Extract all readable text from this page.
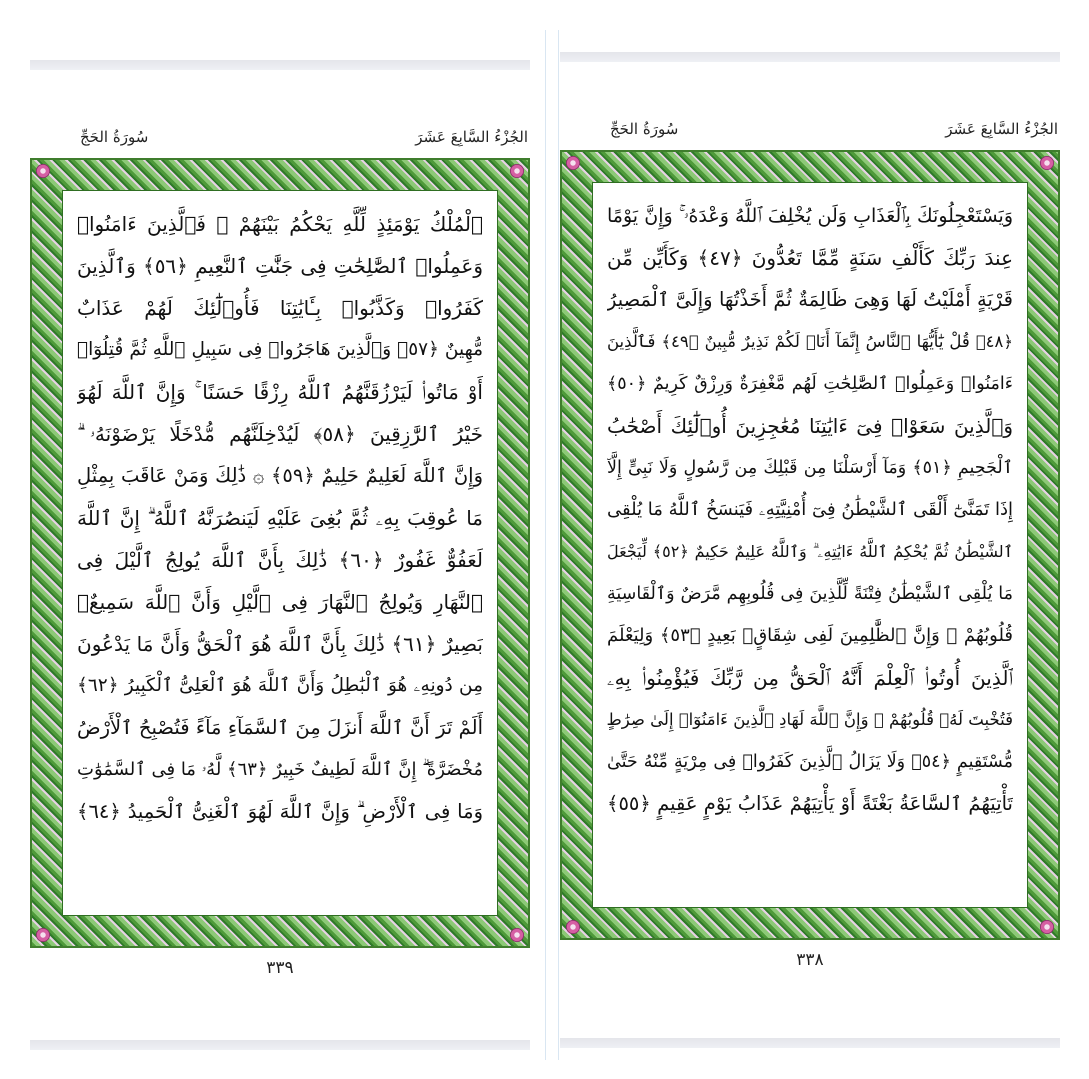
الجُزْءُ السَّابِعَ عَشَرَ
سُورَةُ الحَجِّ
ٱلْمُلْكُ يَوْمَئِذٍ لِّلَّهِ يَحْكُمُ بَيْنَهُمْ ۚ فَٱلَّذِينَ ءَامَنُوا۟
وَعَمِلُوا۟ ٱلصَّٰلِحَٰتِ فِى جَنَّٰتِ ٱلنَّعِيمِ ﴿٥٦﴾ وَٱلَّذِينَ
كَفَرُوا۟ وَكَذَّبُوا۟ بِـَٔايَٰتِنَا فَأُو۟لَٰٓئِكَ لَهُمْ عَذَابٌ
مُّهِينٌ ﴿٥٧﴾ وَٱلَّذِينَ هَاجَرُوا۟ فِى سَبِيلِ ٱللَّهِ ثُمَّ قُتِلُوٓا۟
أَوْ مَاتُوا۟ لَيَرْزُقَنَّهُمُ ٱللَّهُ رِزْقًا حَسَنًا ۚ وَإِنَّ ٱللَّهَ لَهُوَ
خَيْرُ ٱلرَّٰزِقِينَ ﴿٥٨﴾ لَيُدْخِلَنَّهُم مُّدْخَلًا يَرْضَوْنَهُۥ ۗ
وَإِنَّ ٱللَّهَ لَعَلِيمٌ حَلِيمٌ ﴿٥٩﴾ ۞ ذَٰلِكَ وَمَنْ عَاقَبَ بِمِثْلِ
مَا عُوقِبَ بِهِۦ ثُمَّ بُغِىَ عَلَيْهِ لَيَنصُرَنَّهُ ٱللَّهُ ۗ إِنَّ ٱللَّهَ
لَعَفُوٌّ غَفُورٌ ﴿٦٠﴾ ذَٰلِكَ بِأَنَّ ٱللَّهَ يُولِجُ ٱلَّيْلَ فِى
ٱلنَّهَارِ وَيُولِجُ ٱلنَّهَارَ فِى ٱلَّيْلِ وَأَنَّ ٱللَّهَ سَمِيعٌۢ
بَصِيرٌ ﴿٦١﴾ ذَٰلِكَ بِأَنَّ ٱللَّهَ هُوَ ٱلْحَقُّ وَأَنَّ مَا يَدْعُونَ
مِن دُونِهِۦ هُوَ ٱلْبَٰطِلُ وَأَنَّ ٱللَّهَ هُوَ ٱلْعَلِىُّ ٱلْكَبِيرُ ﴿٦٢﴾
أَلَمْ تَرَ أَنَّ ٱللَّهَ أَنزَلَ مِنَ ٱلسَّمَآءِ مَآءً فَتُصْبِحُ ٱلْأَرْضُ
مُخْضَرَّةً ۗ إِنَّ ٱللَّهَ لَطِيفٌ خَبِيرٌ ﴿٦٣﴾ لَّهُۥ مَا فِى ٱلسَّمَٰوَٰتِ
وَمَا فِى ٱلْأَرْضِ ۗ وَإِنَّ ٱللَّهَ لَهُوَ ٱلْغَنِىُّ ٱلْحَمِيدُ ﴿٦٤﴾
٣٣٩
الجُزْءُ السَّابِعَ عَشَرَ
سُورَةُ الحَجِّ
وَيَسْتَعْجِلُونَكَ بِٱلْعَذَابِ وَلَن يُخْلِفَ ٱللَّهُ وَعْدَهُۥ ۚ وَإِنَّ يَوْمًا
عِندَ رَبِّكَ كَأَلْفِ سَنَةٍ مِّمَّا تَعُدُّونَ ﴿٤٧﴾ وَكَأَيِّن مِّن
قَرْيَةٍ أَمْلَيْتُ لَهَا وَهِىَ ظَالِمَةٌ ثُمَّ أَخَذْتُهَا وَإِلَىَّ ٱلْمَصِيرُ
﴿٤٨﴾ قُلْ يَٰٓأَيُّهَا ٱلنَّاسُ إِنَّمَآ أَنَا۠ لَكُمْ نَذِيرٌ مُّبِينٌ ﴿٤٩﴾ فَٱلَّذِينَ
ءَامَنُوا۟ وَعَمِلُوا۟ ٱلصَّٰلِحَٰتِ لَهُم مَّغْفِرَةٌ وَرِزْقٌ كَرِيمٌ ﴿٥٠﴾
وَٱلَّذِينَ سَعَوْا۟ فِىٓ ءَايَٰتِنَا مُعَٰجِزِينَ أُو۟لَٰٓئِكَ أَصْحَٰبُ
ٱلْجَحِيمِ ﴿٥١﴾ وَمَآ أَرْسَلْنَا مِن قَبْلِكَ مِن رَّسُولٍ وَلَا نَبِىٍّ إِلَّآ
إِذَا تَمَنَّىٰٓ أَلْقَى ٱلشَّيْطَٰنُ فِىٓ أُمْنِيَّتِهِۦ فَيَنسَخُ ٱللَّهُ مَا يُلْقِى
ٱلشَّيْطَٰنُ ثُمَّ يُحْكِمُ ٱللَّهُ ءَايَٰتِهِۦ ۗ وَٱللَّهُ عَلِيمٌ حَكِيمٌ ﴿٥٢﴾ لِّيَجْعَلَ
مَا يُلْقِى ٱلشَّيْطَٰنُ فِتْنَةً لِّلَّذِينَ فِى قُلُوبِهِم مَّرَضٌ وَٱلْقَاسِيَةِ
قُلُوبُهُمْ ۗ وَإِنَّ ٱلظَّٰلِمِينَ لَفِى شِقَاقٍۭ بَعِيدٍ ﴿٥٣﴾ وَلِيَعْلَمَ
ٱلَّذِينَ أُوتُوا۟ ٱلْعِلْمَ أَنَّهُ ٱلْحَقُّ مِن رَّبِّكَ فَيُؤْمِنُوا۟ بِهِۦ
فَتُخْبِتَ لَهُۥ قُلُوبُهُمْ ۗ وَإِنَّ ٱللَّهَ لَهَادِ ٱلَّذِينَ ءَامَنُوٓا۟ إِلَىٰ صِرَٰطٍ
مُّسْتَقِيمٍ ﴿٥٤﴾ وَلَا يَزَالُ ٱلَّذِينَ كَفَرُوا۟ فِى مِرْيَةٍ مِّنْهُ حَتَّىٰ
تَأْتِيَهُمُ ٱلسَّاعَةُ بَغْتَةً أَوْ يَأْتِيَهُمْ عَذَابُ يَوْمٍ عَقِيمٍ ﴿٥٥﴾
٣٣٨
